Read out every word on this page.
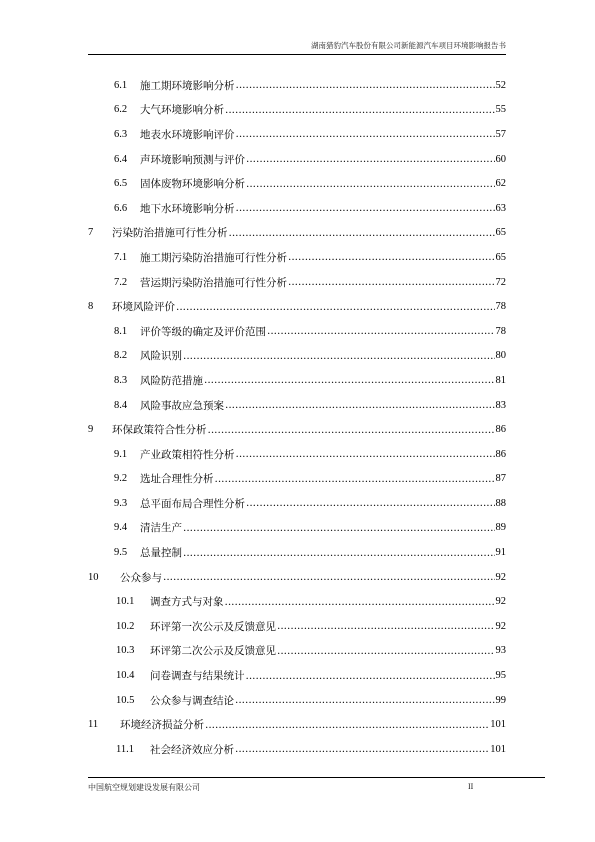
湖南猎豹汽车股份有限公司新能源汽车项目环境影响报告书
6.1	施工期环境影响分析 .....	52
6.2	大气环境影响分析 .....	55
6.3	地表水环境影响评价 .....	57
6.4	声环境影响预测与评价 .....	60
6.5	固体废物环境影响分析 .....	62
6.6	地下水环境影响分析 .....	63
7	污染防治措施可行性分析 .....	65
7.1	施工期污染防治措施可行性分析 .....	65
7.2	营运期污染防治措施可行性分析 .....	72
8	环境风险评价 .....	78
8.1	评价等级的确定及评价范围 .....	78
8.2	风险识别 .....	80
8.3	风险防范措施 .....	81
8.4	风险事故应急预案 .....	83
9	环保政策符合性分析 .....	86
9.1	产业政策相符性分析 .....	86
9.2	选址合理性分析 .....	87
9.3	总平面布局合理性分析 .....	88
9.4	清洁生产 .....	89
9.5	总量控制 .....	91
10	公众参与 .....	92
10.1	调查方式与对象 .....	92
10.2	环评第一次公示及反馈意见 .....	92
10.3	环评第二次公示及反馈意见 .....	93
10.4	问卷调查与结果统计 .....	95
10.5	公众参与调查结论 .....	99
11	环境经济损益分析 .....	101
11.1	社会经济效应分析 .....	101
中国航空规划建设发展有限公司	II
